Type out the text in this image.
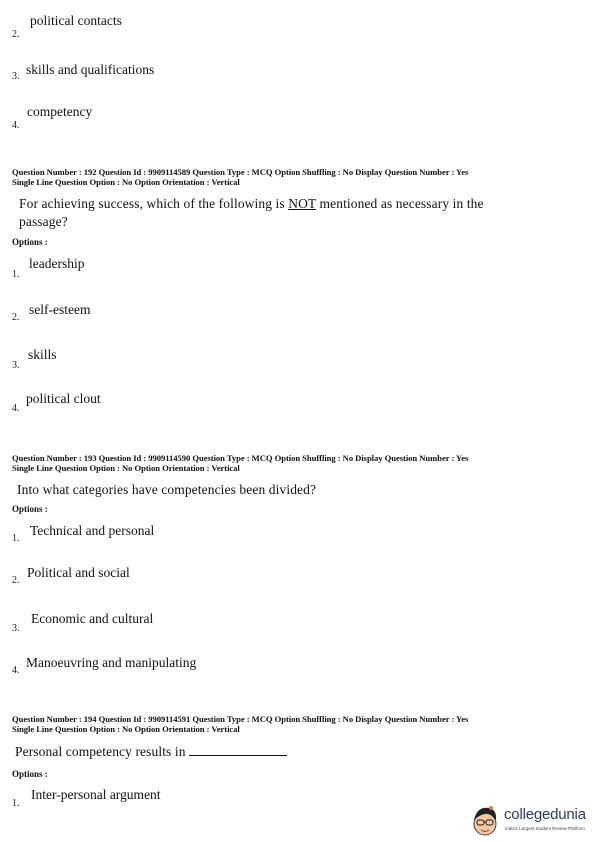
political contacts
2.
skills and qualifications
3.
competency
4.
Question Number : 192 Question Id : 9909114589 Question Type : MCQ Option Shuffling : No Display Question Number : Yes
Single Line Question Option : No Option Orientation : Vertical
For achieving success, which of the following is NOT mentioned as necessary in the
passage?
Options :
leadership
1.
self-esteem
2.
skills
3.
political clout
4.
Question Number : 193 Question Id : 9909114590 Question Type : MCQ Option Shuffling : No Display Question Number : Yes
Single Line Question Option : No Option Orientation : Vertical
Into what categories have competencies been divided?
Options :
Technical and personal
1.
Political and social
2.
Economic and cultural
3.
Manoeuvring and manipulating
4.
Question Number : 194 Question Id : 9909114591 Question Type : MCQ Option Shuffling : No Display Question Number : Yes
Single Line Question Option : No Option Orientation : Vertical
Personal competency results in
Options :
Inter-personal argument
1.
collegedunia
India's Largest Student Review Platform
